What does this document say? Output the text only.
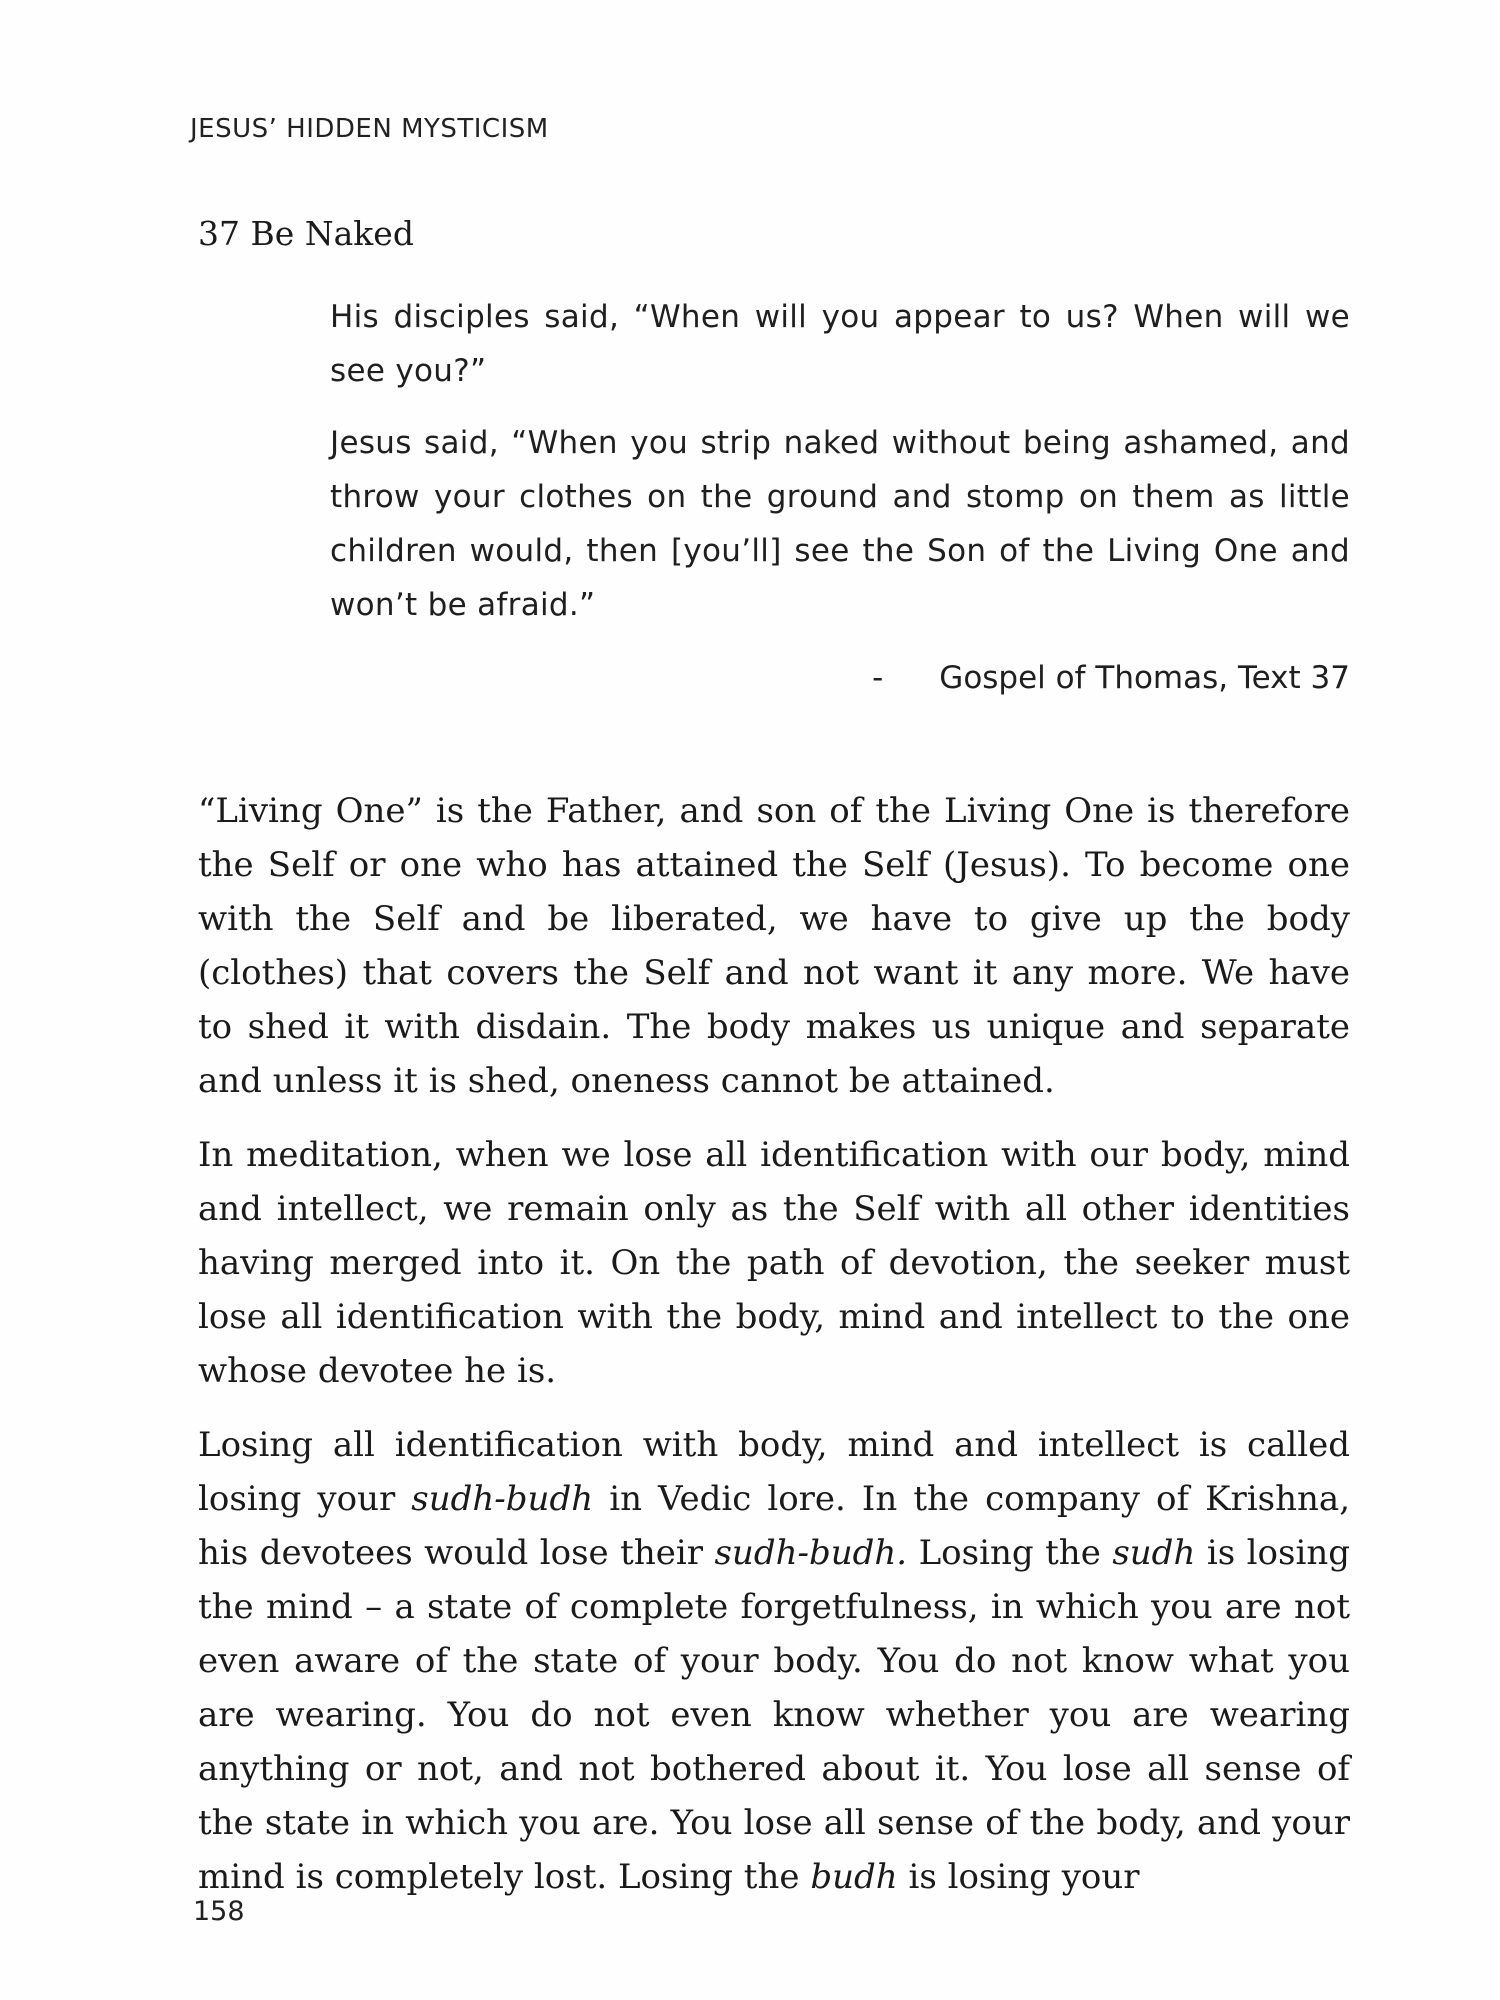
JESUS’ HIDDEN MYSTICISM
37 Be Naked

His disciples said, “When will you appear to us? When will we see you?”

Jesus said, “When you strip naked without being ashamed, and throw your clothes on the ground and stomp on them as little children would, then [you’ll] see the Son of the Living One and won’t be afraid.”

- Gospel of Thomas, Text 37

“Living One” is the Father, and son of the Living One is therefore the Self or one who has attained the Self (Jesus). To become one with the Self and be liberated, we have to give up the body (clothes) that covers the Self and not want it any more. We have to shed it with disdain. The body makes us unique and separate and unless it is shed, oneness cannot be attained.

In meditation, when we lose all identification with our body, mind and intellect, we remain only as the Self with all other identities having merged into it. On the path of devotion, the seeker must lose all identification with the body, mind and intellect to the one whose devotee he is.

Losing all identification with body, mind and intellect is called losing your sudh-budh in Vedic lore. In the company of Krishna, his devotees would lose their sudh-budh. Losing the sudh is losing the mind – a state of complete forgetfulness, in which you are not even aware of the state of your body. You do not know what you are wearing. You do not even know whether you are wearing anything or not, and not bothered about it. You lose all sense of the state in which you are. You lose all sense of the body, and your mind is completely lost. Losing the budh is losing your

158
